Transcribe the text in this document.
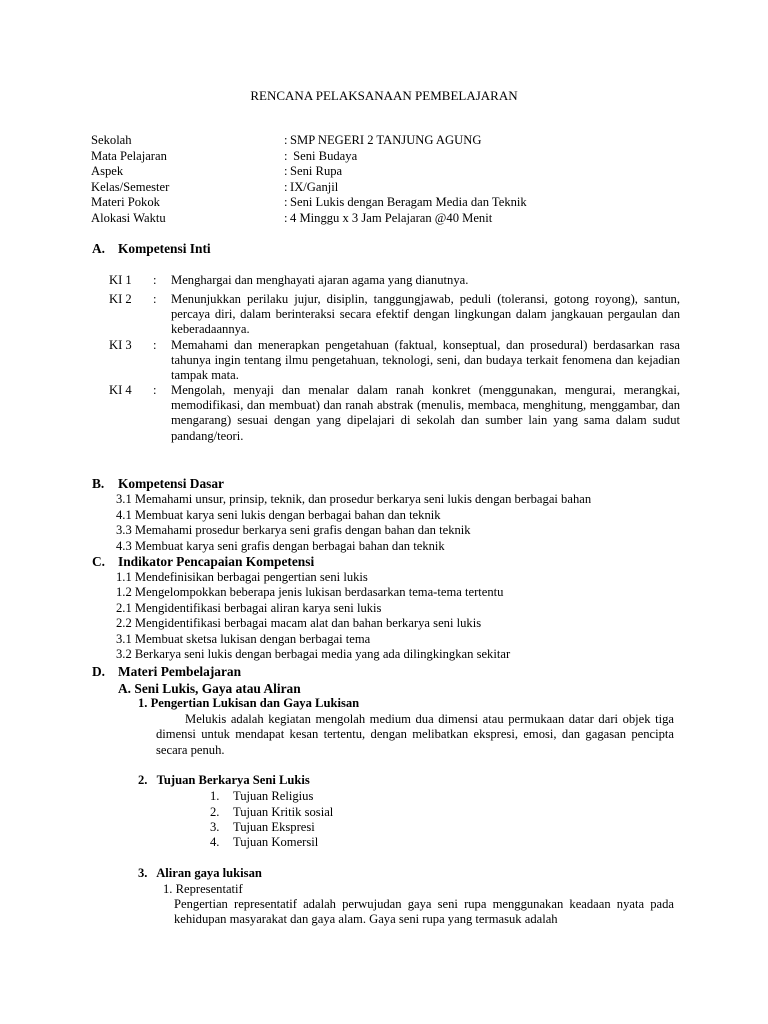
RENCANA PELAKSANAAN PEMBELAJARAN
Sekolah	: SMP NEGERI 2 TANJUNG AGUNG
Mata Pelajaran	: Seni Budaya
Aspek	: Seni Rupa
Kelas/Semester	: IX/Ganjil
Materi Pokok	: Seni Lukis dengan Beragam Media dan Teknik
Alokasi Waktu	: 4 Minggu x 3 Jam Pelajaran @40 Menit
A. Kompetensi Inti
KI 1 : Menghargai dan menghayati ajaran agama yang dianutnya.
KI 2 : Menunjukkan perilaku jujur, disiplin, tanggungjawab, peduli (toleransi, gotong royong), santun, percaya diri, dalam berinteraksi secara efektif dengan lingkungan dalam jangkauan pergaulan dan keberadaannya.
KI 3 : Memahami dan menerapkan pengetahuan (faktual, konseptual, dan prosedural) berdasarkan rasa tahunya ingin tentang ilmu pengetahuan, teknologi, seni, dan budaya terkait fenomena dan kejadian tampak mata.
KI 4 : Mengolah, menyaji dan menalar dalam ranah konkret (menggunakan, mengurai, merangkai, memodifikasi, dan membuat) dan ranah abstrak (menulis, membaca, menghitung, menggambar, dan mengarang) sesuai dengan yang dipelajari di sekolah dan sumber lain yang sama dalam sudut pandang/teori.
B. Kompetensi Dasar
3.1 Memahami unsur, prinsip, teknik, dan prosedur berkarya seni lukis dengan berbagai bahan
4.1 Membuat karya seni lukis dengan berbagai bahan dan teknik
3.3 Memahami prosedur berkarya seni grafis dengan bahan dan teknik
4.3 Membuat karya seni grafis dengan berbagai bahan dan teknik
C. Indikator Pencapaian Kompetensi
1.1 Mendefinisikan berbagai pengertian seni lukis
1.2 Mengelompokkan beberapa jenis lukisan berdasarkan tema-tema tertentu
2.1 Mengidentifikasi berbagai aliran karya seni lukis
2.2 Mengidentifikasi berbagai macam alat dan bahan berkarya seni lukis
3.1 Membuat sketsa lukisan dengan berbagai tema
3.2 Berkarya seni lukis dengan berbagai media yang ada dilingkingkan sekitar
D. Materi Pembelajaran
A. Seni Lukis, Gaya atau Aliran
1. Pengertian Lukisan dan Gaya Lukisan
Melukis adalah kegiatan mengolah medium dua dimensi atau permukaan datar dari objek tiga dimensi untuk mendapat kesan tertentu, dengan melibatkan ekspresi, emosi, dan gagasan pencipta secara penuh.
2.   Tujuan Berkarya Seni Lukis
1. Tujuan Religius
2. Tujuan Kritik sosial
3. Tujuan Ekspresi
4. Tujuan Komersil
3.   Aliran gaya lukisan
1. Representatif
Pengertian representatif adalah perwujudan gaya seni rupa menggunakan keadaan nyata pada kehidupan masyarakat dan gaya alam. Gaya seni rupa yang termasuk adalah
